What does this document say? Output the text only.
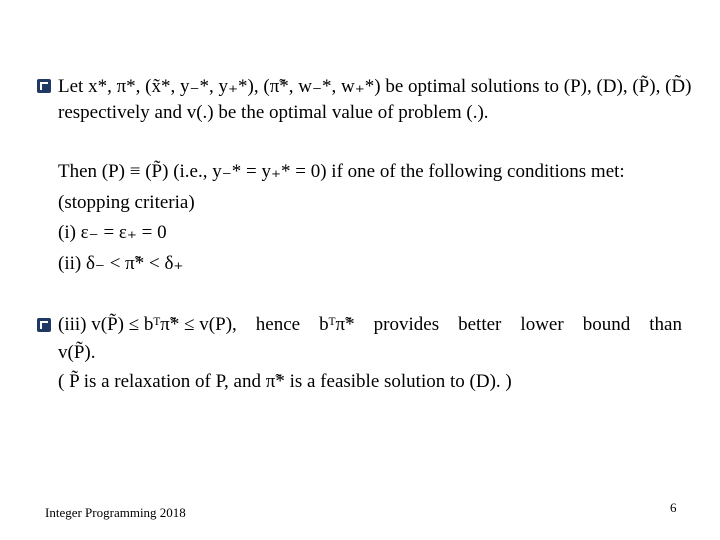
Let x*, π*, (x̃*, y₋*, y₊*), (π̃*, w₋*, w₊*) be optimal solutions to (P), (D), (P̃), (D̃)
respectively and v(.) be the optimal value of problem (.).
Then (P) ≡ (P̃) (i.e., y₋* = y₊* = 0) if one of the following conditions met:
(stopping criteria)
(i) ε₋ = ε₊ = 0
(ii) δ₋ < π̃* < δ₊
(iii) v(P̃) ≤ bᵀπ̃* ≤ v(P), hence bᵀπ̃* provides better lower bound than
v(P̃).
( P̃ is a relaxation of P, and π̃* is a feasible solution to (D). )
Integer Programming 2018	6
